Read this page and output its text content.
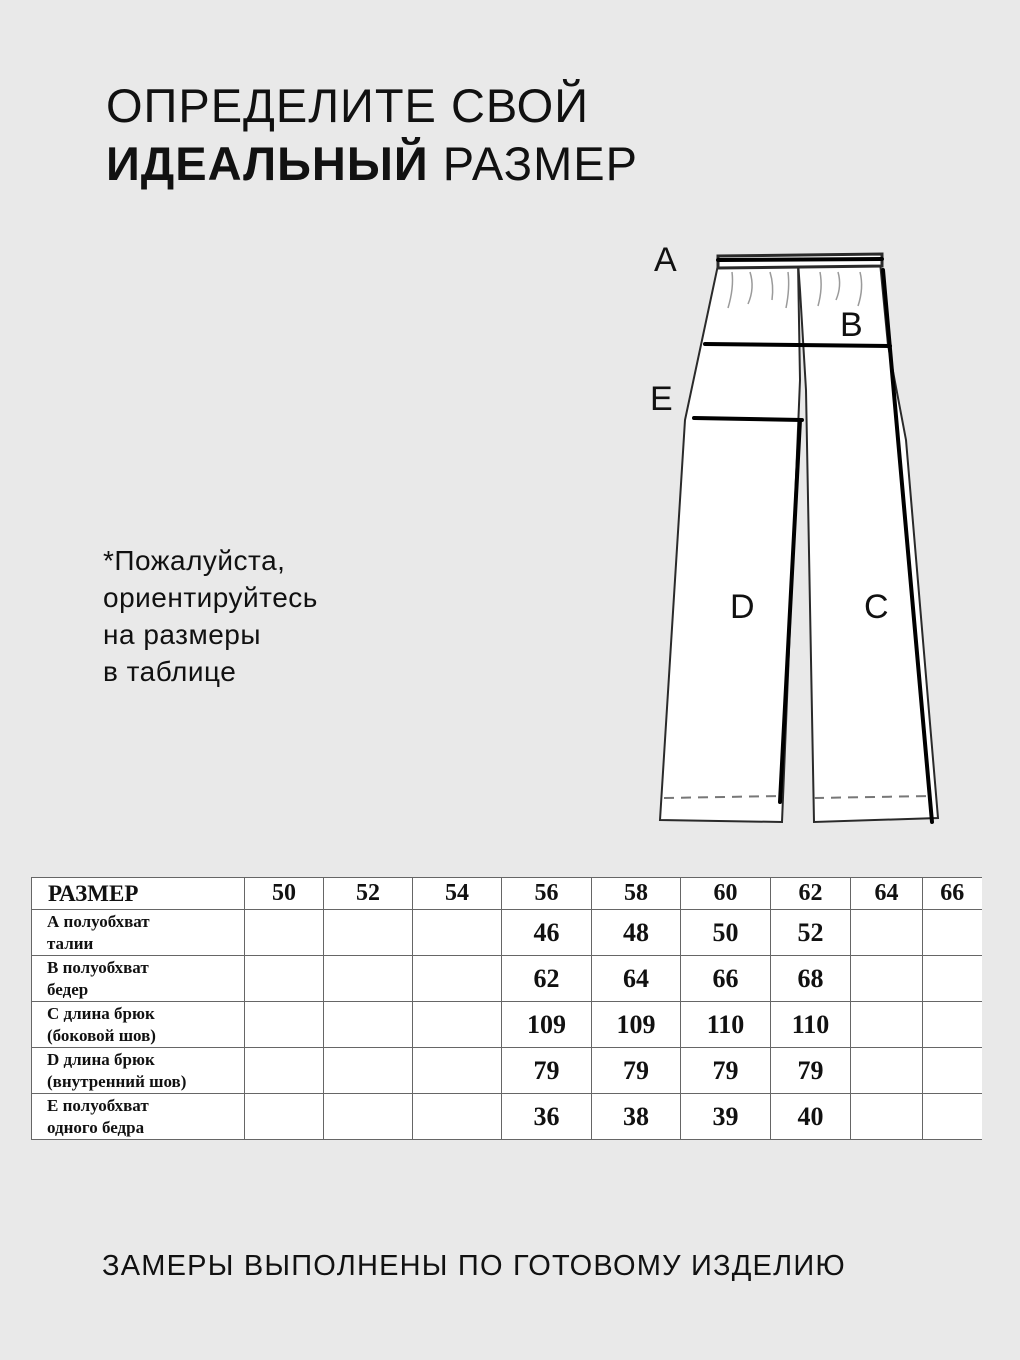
ОПРЕДЕЛИТЕ СВОЙ
ИДЕАЛЬНЫЙ РАЗМЕР
*Пожалуйста,
ориентируйтесь
на размеры
в таблице
A
B
E
D	C
РАЗМЕР	50	52	54	56	58	60	62	64	66

А полуобхват
талии				46	48	50	52		

В полуобхват
бедер				62	64	66	68		

С длина брюк
(боковой шов)				109	109	110	110		

D длина брюк
(внутренний шов)				79	79	79	79		

Е полуобхват
одного бедра				36	38	39	40		
ЗАМЕРЫ ВЫПОЛНЕНЫ ПО ГОТОВОМУ ИЗДЕЛИЮ
